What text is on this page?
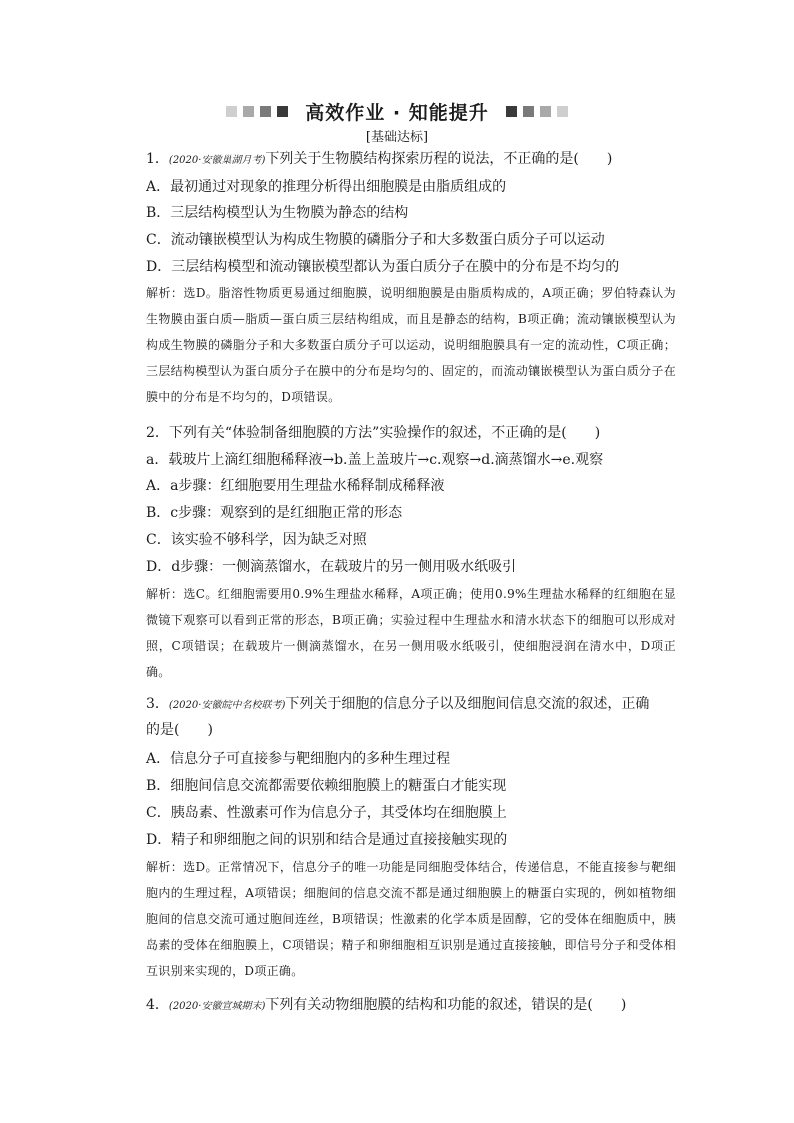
高效作业 · 知能提升
[基础达标]
1．(2020·安徽巢湖月考)下列关于生物膜结构探索历程的说法，不正确的是(　　)
A．最初通过对现象的推理分析得出细胞膜是由脂质组成的
B．三层结构模型认为生物膜为静态的结构
C．流动镶嵌模型认为构成生物膜的磷脂分子和大多数蛋白质分子可以运动
D．三层结构模型和流动镶嵌模型都认为蛋白质分子在膜中的分布是不均匀的
解析：选D。脂溶性物质更易通过细胞膜，说明细胞膜是由脂质构成的，A项正确；罗伯特森认为生物膜由蛋白质—脂质—蛋白质三层结构组成，而且是静态的结构，B项正确；流动镶嵌模型认为构成生物膜的磷脂分子和大多数蛋白质分子可以运动，说明细胞膜具有一定的流动性，C项正确；三层结构模型认为蛋白质分子在膜中的分布是均匀的、固定的，而流动镶嵌模型认为蛋白质分子在膜中的分布是不均匀的，D项错误。
2．下列有关“体验制备细胞膜的方法”实验操作的叙述，不正确的是(　　)
a．载玻片上滴红细胞稀释液→b.盖上盖玻片→c.观察→d.滴蒸馏水→e.观察
A．a步骤：红细胞要用生理盐水稀释制成稀释液
B．c步骤：观察到的是红细胞正常的形态
C．该实验不够科学，因为缺乏对照
D．d步骤：一侧滴蒸馏水，在载玻片的另一侧用吸水纸吸引
解析：选C。红细胞需要用0.9%生理盐水稀释，A项正确；使用0.9%生理盐水稀释的红细胞在显微镜下观察可以看到正常的形态，B项正确；实验过程中生理盐水和清水状态下的细胞可以形成对照，C项错误；在载玻片一侧滴蒸馏水，在另一侧用吸水纸吸引，使细胞浸润在清水中，D项正确。
3．(2020·安徽皖中名校联考)下列关于细胞的信息分子以及细胞间信息交流的叙述，正确的是(　　)
A．信息分子可直接参与靶细胞内的多种生理过程
B．细胞间信息交流都需要依赖细胞膜上的糖蛋白才能实现
C．胰岛素、性激素可作为信息分子，其受体均在细胞膜上
D．精子和卵细胞之间的识别和结合是通过直接接触实现的
解析：选D。正常情况下，信息分子的唯一功能是同细胞受体结合，传递信息，不能直接参与靶细胞内的生理过程，A项错误；细胞间的信息交流不都是通过细胞膜上的糖蛋白实现的，例如植物细胞间的信息交流可通过胞间连丝，B项错误；性激素的化学本质是固醇，它的受体在细胞质中，胰岛素的受体在细胞膜上，C项错误；精子和卵细胞相互识别是通过直接接触，即信号分子和受体相互识别来实现的，D项正确。
4．(2020·安徽宣城期末)下列有关动物细胞膜的结构和功能的叙述，错误的是(　　)
